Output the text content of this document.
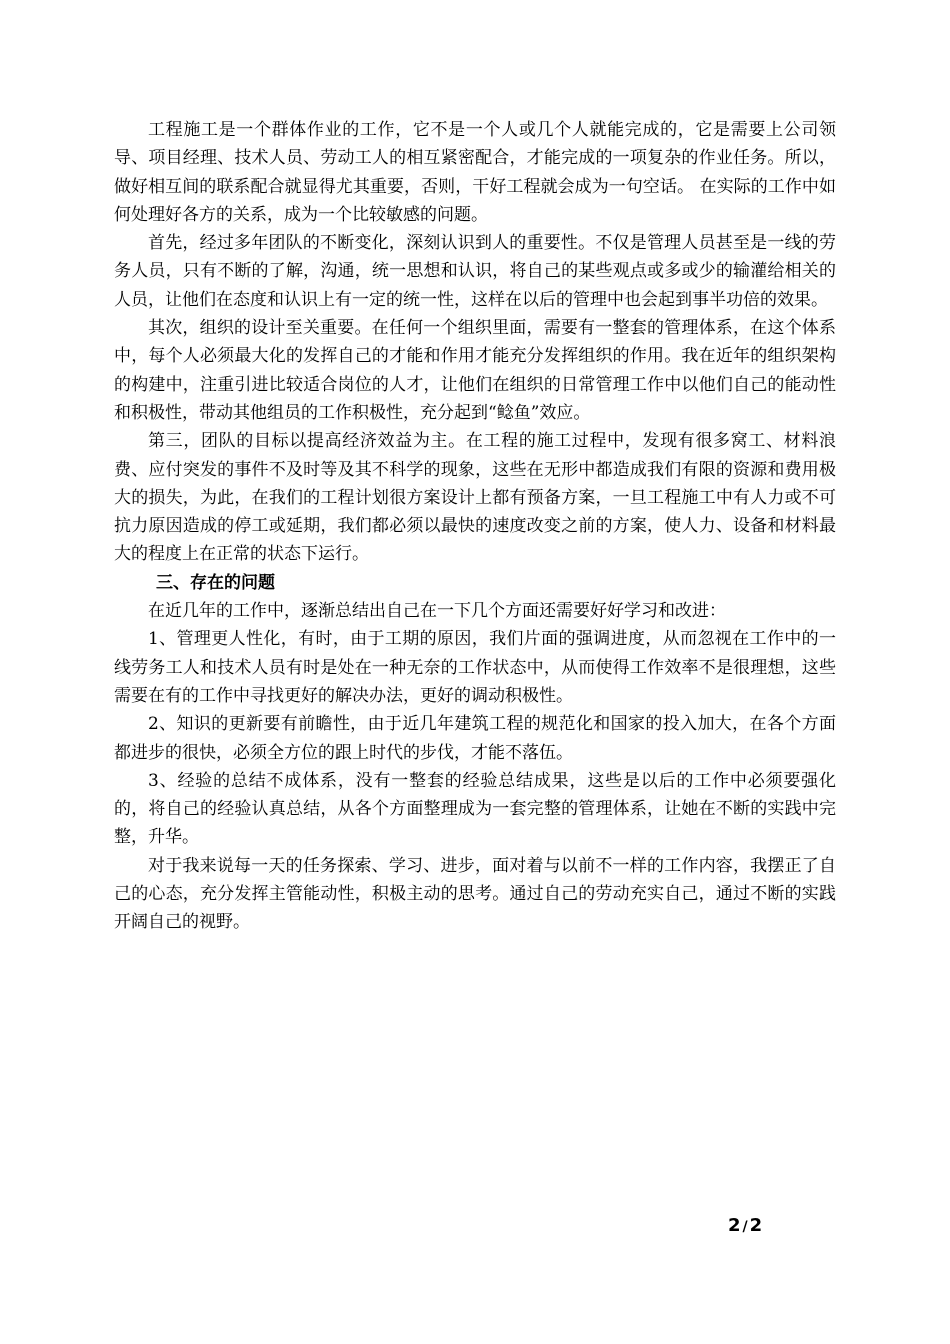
工程施工是一个群体作业的工作，它不是一个人或几个人就能完成的，它是需要上公司领导、项目经理、技术人员、劳动工人的相互紧密配合，才能完成的一项复杂的作业任务。所以，做好相互间的联系配合就显得尤其重要，否则，干好工程就会成为一句空话。 在实际的工作中如何处理好各方的关系，成为一个比较敏感的问题。

首先，经过多年团队的不断变化，深刻认识到人的重要性。不仅是管理人员甚至是一线的劳务人员，只有不断的了解，沟通，统一思想和认识，将自己的某些观点或多或少的输灌给相关的人员，让他们在态度和认识上有一定的统一性，这样在以后的管理中也会起到事半功倍的效果。

其次，组织的设计至关重要。在任何一个组织里面，需要有一整套的管理体系，在这个体系中，每个人必须最大化的发挥自己的才能和作用才能充分发挥组织的作用。我在近年的组织架构的构建中，注重引进比较适合岗位的人才，让他们在组织的日常管理工作中以他们自己的能动性和积极性，带动其他组员的工作积极性，充分起到“鲶鱼”效应。

第三，团队的目标以提高经济效益为主。在工程的施工过程中，发现有很多窝工、材料浪费、应付突发的事件不及时等及其不科学的现象，这些在无形中都造成我们有限的资源和费用极大的损失，为此，在我们的工程计划很方案设计上都有预备方案，一旦工程施工中有人力或不可抗力原因造成的停工或延期，我们都必须以最快的速度改变之前的方案，使人力、设备和材料最大的程度上在正常的状态下运行。

三、存在的问题

在近几年的工作中，逐渐总结出自己在一下几个方面还需要好好学习和改进：

1、管理更人性化，有时，由于工期的原因，我们片面的强调进度，从而忽视在工作中的一线劳务工人和技术人员有时是处在一种无奈的工作状态中，从而使得工作效率不是很理想，这些需要在有的工作中寻找更好的解决办法，更好的调动积极性。

2、知识的更新要有前瞻性，由于近几年建筑工程的规范化和国家的投入加大，在各个方面都进步的很快，必须全方位的跟上时代的步伐，才能不落伍。

3、经验的总结不成体系，没有一整套的经验总结成果，这些是以后的工作中必须要强化的，将自己的经验认真总结，从各个方面整理成为一套完整的管理体系，让她在不断的实践中完整，升华。

对于我来说每一天的任务探索、学习、进步，面对着与以前不一样的工作内容，我摆正了自己的心态，充分发挥主管能动性，积极主动的思考。通过自己的劳动充实自己，通过不断的实践开阔自己的视野。

2 / 2
